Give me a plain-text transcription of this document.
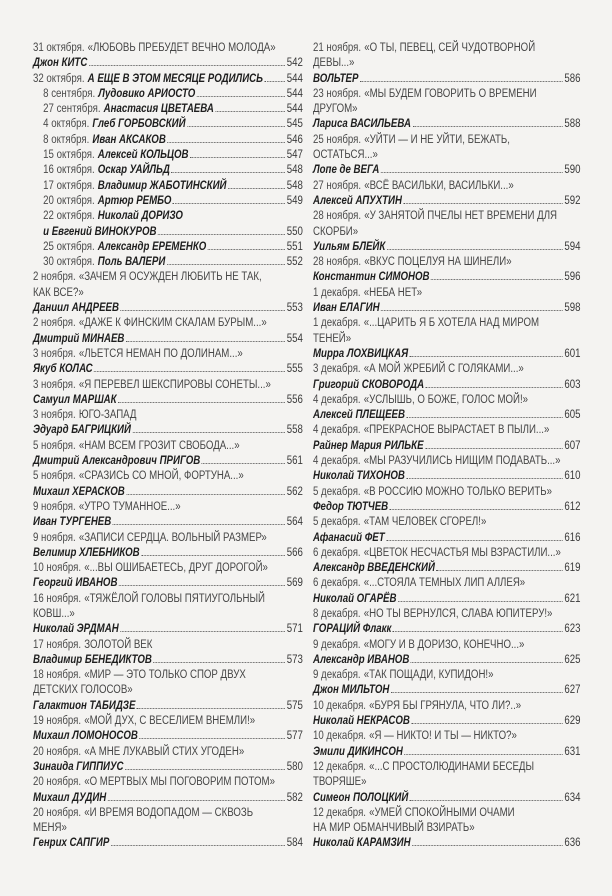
31 октября. «ЛЮБОВЬ ПРЕБУДЕТ ВЕЧНО МОЛОДА»
Джон КИТС	542
32 октября. А ЕЩЕ В ЭТОМ МЕСЯЦЕ РОДИЛИСЬ 544
8 сентября. Лудовико АРИОСТО	544
27 сентября. Анастасия ЦВЕТАЕВА	544
4 октября. Глеб ГОРБОВСКИЙ	545
8 октября. Иван АКСАКОВ	546
15 октября. Алексей КОЛЬЦОВ	547
16 октября. Оскар УАЙЛЬД	548
17 октября. Владимир ЖАБОТИНСКИЙ	548
20 октября. Артюр РЕМБО	549
22 октября. Николай ДОРИЗО
и Евгений ВИНОКУРОВ	550
25 октября. Александр ЕРЕМЕНКО	551
30 октября. Поль ВАЛЕРИ	552
2 ноября. «ЗАЧЕМ Я ОСУЖДЕН ЛЮБИТЬ НЕ ТАК,
КАК ВСЕ?»
Даниил АНДРЕЕВ	553
2 ноября. «ДАЖЕ К ФИНСКИМ СКАЛАМ БУРЫМ...»
Дмитрий МИНАЕВ	554
3 ноября. «ЛЬЕТСЯ НЕМАН ПО ДОЛИНАМ...»
Якуб КОЛАС	555
3 ноября. «Я ПЕРЕВЕЛ ШЕКСПИРОВЫ СОНЕТЫ...»
Самуил МАРШАК	556
3 ноября. ЮГО-ЗАПАД
Эдуард БАГРИЦКИЙ	558
5 ноября. «НАМ ВСЕМ ГРОЗИТ СВОБОДА...»
Дмитрий Александрович ПРИГОВ	561
5 ноября. «СРАЗИСЬ СО МНОЙ, ФОРТУНА...»
Михаил ХЕРАСКОВ	562
9 ноября. «УТРО ТУМАННОЕ...»
Иван ТУРГЕНЕВ	564
9 ноября. «ЗАПИСИ СЕРДЦА. ВОЛЬНЫЙ РАЗМЕР»
Велимир ХЛЕБНИКОВ	566
10 ноября. «...ВЫ ОШИБАЕТЕСЬ, ДРУГ ДОРОГОЙ»
Георгий ИВАНОВ	569
16 ноября. «ТЯЖЁЛОЙ ГОЛОВЫ ПЯТИУГОЛЬНЫЙ
КОВШ...»
Николай ЭРДМАН	571
17 ноября. ЗОЛОТОЙ ВЕК
Владимир БЕНЕДИКТОВ	573
18 ноября. «МИР — ЭТО ТОЛЬКО СПОР ДВУХ
ДЕТСКИХ ГОЛОСОВ»
Галактион ТАБИДЗЕ	575
19 ноября. «МОЙ ДУХ, С ВЕСЕЛИЕМ ВНЕМЛИ!»
Михаил ЛОМОНОСОВ	577
20 ноября. «А МНЕ ЛУКАВЫЙ СТИХ УГОДЕН»
Зинаида ГИППИУС	580
20 ноября. «О МЕРТВЫХ МЫ ПОГОВОРИМ ПОТОМ»
Михаил ДУДИН	582
20 ноября. «И ВРЕМЯ ВОДОПАДОМ — СКВОЗЬ
МЕНЯ»
Генрих САПГИР	584
21 ноября. «О ТЫ, ПЕВЕЦ, СЕЙ ЧУДОТВОРНОЙ
ДЕВЫ...»
ВОЛЬТЕР	586
23 ноября. «МЫ БУДЕМ ГОВОРИТЬ О ВРЕМЕНИ
ДРУГОМ»
Лариса ВАСИЛЬЕВА	588
25 ноября. «УЙТИ — И НЕ УЙТИ, БЕЖАТЬ,
ОСТАТЬСЯ...»
Лопе де ВЕГА	590
27 ноября. «ВСЁ ВАСИЛЬКИ, ВАСИЛЬКИ...»
Алексей АПУХТИН	592
28 ноября. «У ЗАНЯТОЙ ПЧЕЛЫ НЕТ ВРЕМЕНИ ДЛЯ
СКОРБИ»
Уильям БЛЕЙК	594
28 ноября. «ВКУС ПОЦЕЛУЯ НА ШИНЕЛИ»
Константин СИМОНОВ	596
1 декабря. «НЕБА НЕТ»
Иван ЕЛАГИН	598
1 декабря. «...ЦАРИТЬ Я Б ХОТЕЛА НАД МИРОМ
ТЕНЕЙ»
Мирра ЛОХВИЦКАЯ	601
3 декабря. «А МОЙ ЖРЕБИЙ С ГОЛЯКАМИ...»
Григорий СКОВОРОДА	603
4 декабря. «УСЛЫШЬ, О БОЖЕ, ГОЛОС МОЙ!»
Алексей ПЛЕЩЕЕВ	605
4 декабря. «ПРЕКРАСНОЕ ВЫРАСТАЕТ В ПЫЛИ...»
Райнер Мария РИЛЬКЕ	607
4 декабря. «МЫ РАЗУЧИЛИСЬ НИЩИМ ПОДАВАТЬ...»
Николай ТИХОНОВ	610
5 декабря. «В РОССИЮ МОЖНО ТОЛЬКО ВЕРИТЬ»
Федор ТЮТЧЕВ	612
5 декабря. «ТАМ ЧЕЛОВЕК СГОРЕЛ!»
Афанасий ФЕТ	616
6 декабря. «ЦВЕТОК НЕСЧАСТЬЯ МЫ ВЗРАСТИЛИ...»
Александр ВВЕДЕНСКИЙ	619
6 декабря. «...СТОЯЛА ТЕМНЫХ ЛИП АЛЛЕЯ»
Николай ОГАРЁВ	621
8 декабря. «НО ТЫ ВЕРНУЛСЯ, СЛАВА ЮПИТЕРУ!»
ГОРАЦИЙ Флакк	623
9 декабря. «МОГУ И В ДОРИЗО, КОНЕЧНО...»
Александр ИВАНОВ	625
9 декабря. «ТАК ПОЩАДИ, КУПИДОН!»
Джон МИЛЬТОН	627
10 декабря. «БУРЯ БЫ ГРЯНУЛА, ЧТО ЛИ?..»
Николай НЕКРАСОВ	629
10 декабря. «Я — НИКТО! И ТЫ — НИКТО?»
Эмили ДИКИНСОН	631
12 декабря. «...С ПРОСТОЛЮДИНАМИ БЕСЕДЫ
ТВОРЯШЕ»
Симеон ПОЛОЦКИЙ	634
12 декабря. «УМЕЙ СПОКОЙНЫМИ ОЧАМИ
НА МИР ОБМАНЧИВЫЙ ВЗИРАТЬ»
Николай КАРАМЗИН	636
